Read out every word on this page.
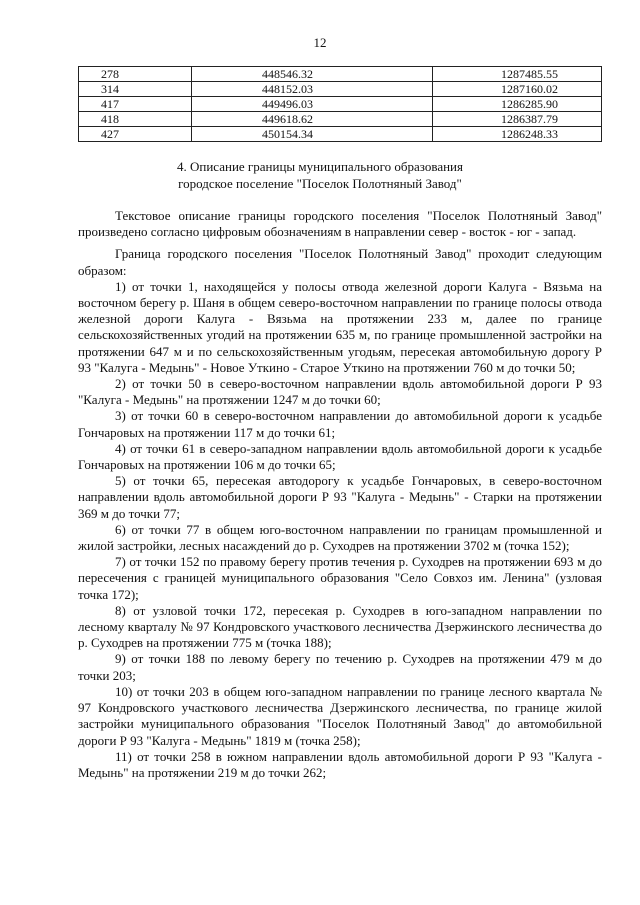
12
278	448546.32	1287485.55
314	448152.03	1287160.02
417	449496.03	1286285.90
418	449618.62	1286387.79
427	450154.34	1286248.33
4. Описание границы муниципального образования
городское поселение "Поселок Полотняный Завод"

Текстовое описание границы городского поселения "Поселок Полотняный Завод" произведено согласно цифровым обозначениям в направлении север - восток - юг - запад.

Граница городского поселения "Поселок Полотняный Завод" проходит следующим образом:

1) от точки 1, находящейся у полосы отвода железной дороги Калуга - Вязьма на восточном берегу р. Шаня в общем северо-восточном направлении по границе полосы отвода железной дороги Калуга - Вязьма на протяжении 233 м, далее по границе сельскохозяйственных угодий на протяжении 635 м, по границе промышленной застройки на протяжении 647 м и по сельскохозяйственным угодьям, пересекая автомобильную дорогу Р 93 "Калуга - Медынь" - Новое Уткино - Старое Уткино на протяжении 760 м до точки 50;

2) от точки 50 в северо-восточном направлении вдоль автомобильной дороги Р 93 "Калуга - Медынь" на протяжении 1247 м до точки 60;

3) от точки 60 в северо-восточном направлении до автомобильной дороги к усадьбе Гончаровых на протяжении 117 м до точки 61;

4) от точки 61 в северо-западном направлении вдоль автомобильной дороги к усадьбе Гончаровых на протяжении 106 м до точки 65;

5) от точки 65, пересекая автодорогу к усадьбе Гончаровых, в северо-восточном направлении вдоль автомобильной дороги Р 93 "Калуга - Медынь" - Старки на протяжении 369 м до точки 77;

6) от точки 77 в общем юго-восточном направлении по границам промышленной и жилой застройки, лесных насаждений до р. Суходрев на протяжении 3702 м (точка 152);

7) от точки 152 по правому берегу против течения р. Суходрев на протяжении 693 м до пересечения с границей муниципального образования "Село Совхоз им. Ленина" (узловая точка 172);

8) от узловой точки 172, пересекая р. Суходрев в юго-западном направлении по лесному кварталу № 97 Кондровского участкового лесничества Дзержинского лесничества до р. Суходрев на протяжении 775 м (точка 188);

9) от точки 188 по левому берегу по течению р. Суходрев на протяжении 479 м до точки 203;

10) от точки 203 в общем юго-западном направлении по границе лесного квартала № 97 Кондровского участкового лесничества Дзержинского лесничества, по границе жилой застройки муниципального образования "Поселок Полотняный Завод" до автомобильной дороги Р 93 "Калуга - Медынь" 1819 м (точка 258);

11) от точки 258 в южном направлении вдоль автомобильной дороги Р 93 "Калуга - Медынь" на протяжении 219 м до точки 262;
